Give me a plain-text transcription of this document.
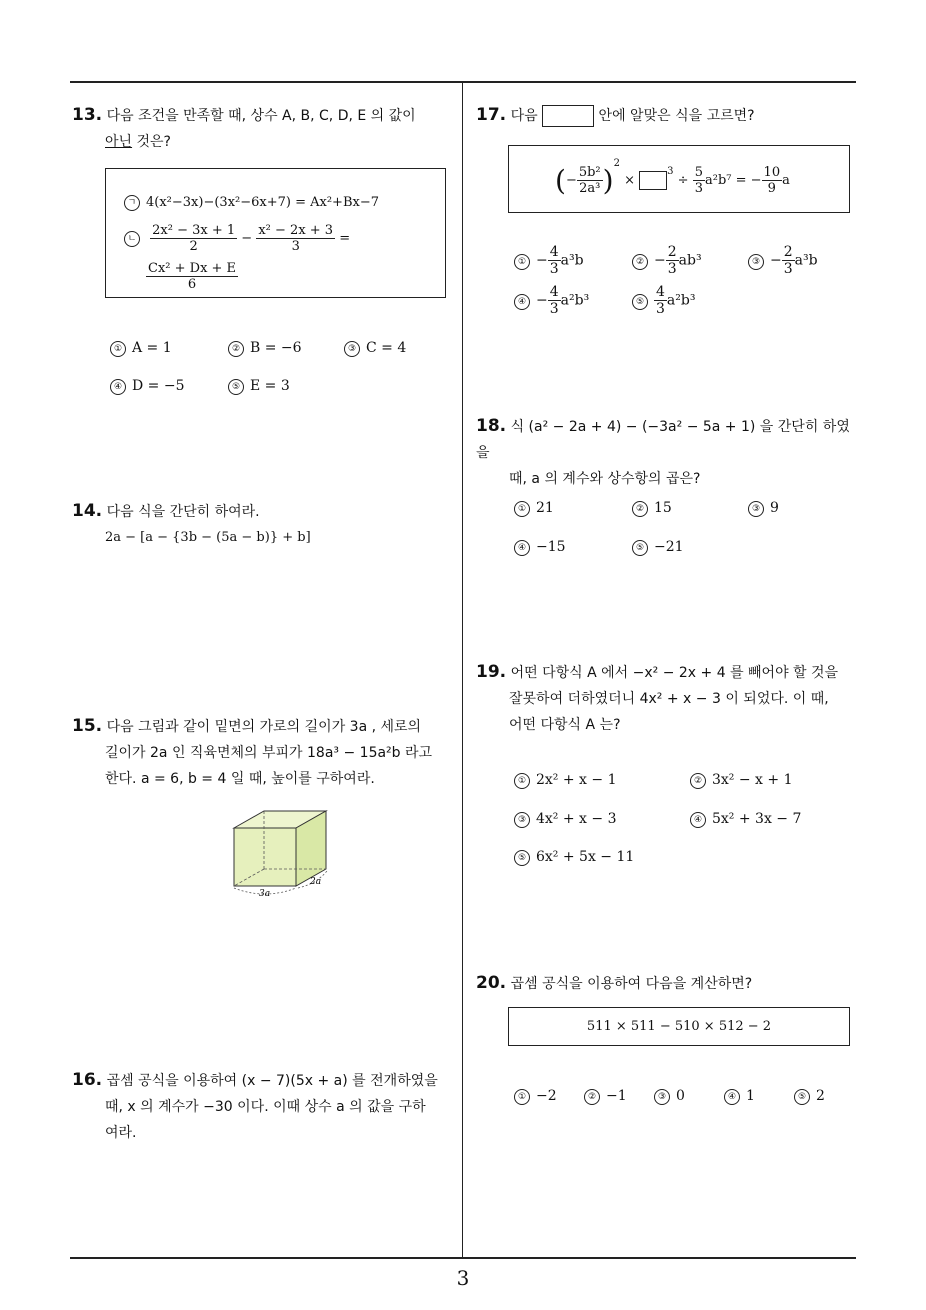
3
13. 다음 조건을 만족할 때, 상수 A, B, C, D, E 의 값이
아닌 것은?
ㄱ 4(x²−3x)−(3x²−6x+7) = Ax²+Bx−7
ㄴ $\frac{\text{2x² − 3x + 1}}{2} - \frac{\text{x² − 2x + 3}}{3}$ =
$\frac{\text{Cx² + Dx + E}}{6}$
① A = 1	② B = −6	③ C = 4
④ D = −5	⑤ E = 3
14. 다음 식을 간단히 하여라.
2a − [a − {3b − (5a − b)} + b]
15. 다음 그림과 같이 밑면의 가로의 길이가 3a , 세로의
길이가 2a 인 직육면체의 부피가 18a³ − 15a²b 라고
한다. a = 6, b = 4 일 때, 높이를 구하여라.
3a
2a
16. 곱셈 공식을 이용하여 (x − 7)(5x + a) 를 전개하였을
때, x 의 계수가 −30 이다. 이때 상수 a 의 값을 구하
여라.
17. 다음	안에 알맞은 식을 고르면?
(− $\frac{\text{5b²}}{\text{2a³}} )^2 \times ^3 \div \frac{5}{3} a^2b^7$ = − $\frac{10}{9}$ a
① − $\frac{4}{3} a^3b$	② − $\frac{2}{3} ab^3$	③ − $\frac{2}{3} a^3b$
④ − $\frac{4}{3} a^2b^3$	⑤ $\frac{4}{3} a^2b^3$
18. 식 (a² − 2a + 4) − (−3a² − 5a + 1) 을 간단히 하였을
때, a 의 계수와 상수항의 곱은?
① 21	② 15	③ 9
④ −15	⑤ −21
19. 어떤 다항식 A 에서 −x² − 2x + 4 를 빼어야 할 것을
잘못하여 더하였더니 4x² + x − 3 이 되었다. 이 때,
어떤 다항식 A 는?
① 2x² + x − 1	② 3x² − x + 1
③ 4x² + x − 3	④ 5x² + 3x − 7
⑤ 6x² + 5x − 11
20. 곱셈 공식을 이용하여 다음을 계산하면?
511 × 511 − 510 × 512 − 2
① −2	② −1	③ 0	④ 1	⑤ 2
